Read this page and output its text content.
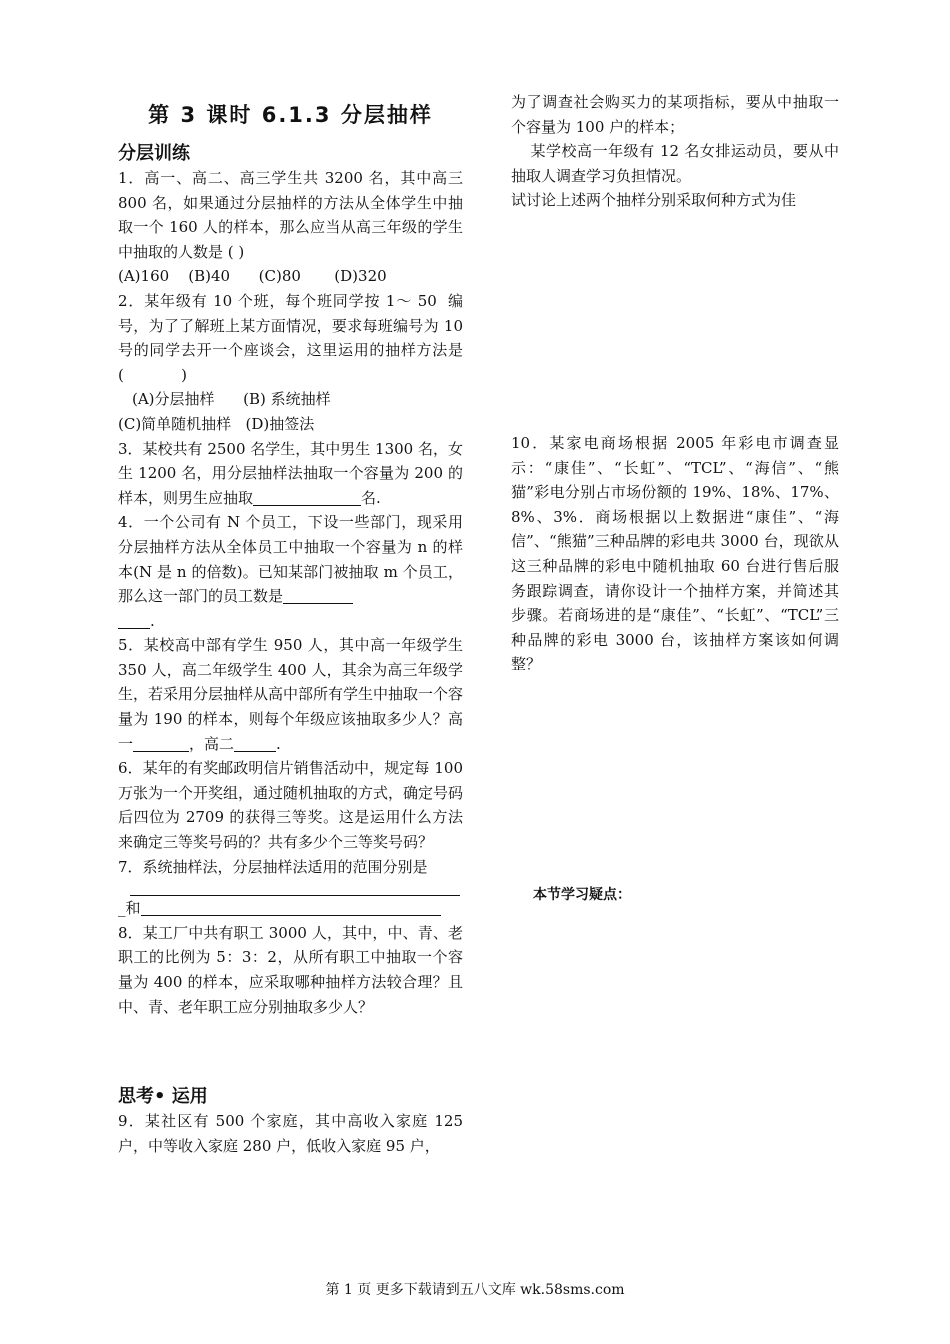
第 3 课时 6.1.3 分层抽样
分层训练

1．高一、高二、高三学生共 3200 名，其中高三 800 名，如果通过分层抽样的方法从全体学生中抽取一个 160 人的样本，那么应当从高三年级的学生中抽取的人数是 ( )

(A)160    (B)40      (C)80       (D)320

2．某年级有 10 个班，每个班同学按 1～ 50  编号，为了了解班上某方面情况，要求每班编号为 10 号的同学去开一个座谈会，这里运用的抽样方法是                              (            )

(A)分层抽样      (B) 系统抽样

(C)简单随机抽样   (D)抽签法

3．某校共有 2500 名学生，其中男生 1300 名，女生 1200 名，用分层抽样法抽取一个容量为 200 的样本，则男生应抽取	名.

4．一个公司有 N 个员工，下设一些部门，现采用分层抽样方法从全体员工中抽取一个容量为 n 的样本(N 是 n 的倍数)。已知某部门被抽取 m 个员工，那么这一部门的员工数是
.

5．某校高中部有学生 950 人，其中高一年级学生 350 人，高二年级学生 400 人，其余为高三年级学生，若采用分层抽样从高中部所有学生中抽取一个容量为 190 的样本，则每个年级应该抽取多少人？高一	，高二	.

6．某年的有奖邮政明信片销售活动中，规定每 100 万张为一个开奖组，通过随机抽取的方式，确定号码后四位为 2709 的获得三等奖。这是运用什么方法来确定三等奖号码的？共有多少个三等奖号码？

7．系统抽样法，分层抽样法适用的范围分别是

_和

8．某工厂中共有职工 3000 人，其中，中、青、老职工的比例为 5：3：2，从所有职工中抽取一个容量为 400 的样本，应采取哪种抽样方法较合理？且中、青、老年职工应分别抽取多少人？

思考• 运用

9．某社区有 500 个家庭，其中高收入家庭 125 户，中等收入家庭 280 户，低收入家庭 95 户，

为了调查社会购买力的某项指标，要从中抽取一个容量为 100 户的样本；

某学校高一年级有 12 名女排运动员，要从中抽取人调查学习负担情况。

试讨论上述两个抽样分别采取何种方式为佳

10．某家电商场根据 2005 年彩电市调查显示：“康佳”、“长虹”、“TCL”、“海信”、“熊猫”彩电分别占市场份额的 19%、18%、17%、8%、3%．商场根据以上数据进“康佳”、“海信”、“熊猫”三种品牌的彩电共 3000 台，现欲从这三种品牌的彩电中随机抽取 60 台进行售后服务跟踪调查，请你设计一个抽样方案，并简述其步骤。若商场进的是“康佳”、“长虹”、“TCL”三种品牌的彩电 3000 台，该抽样方案该如何调整？

本节学习疑点：

第 1 页 更多下载请到五八文库 wk.58sms.com
